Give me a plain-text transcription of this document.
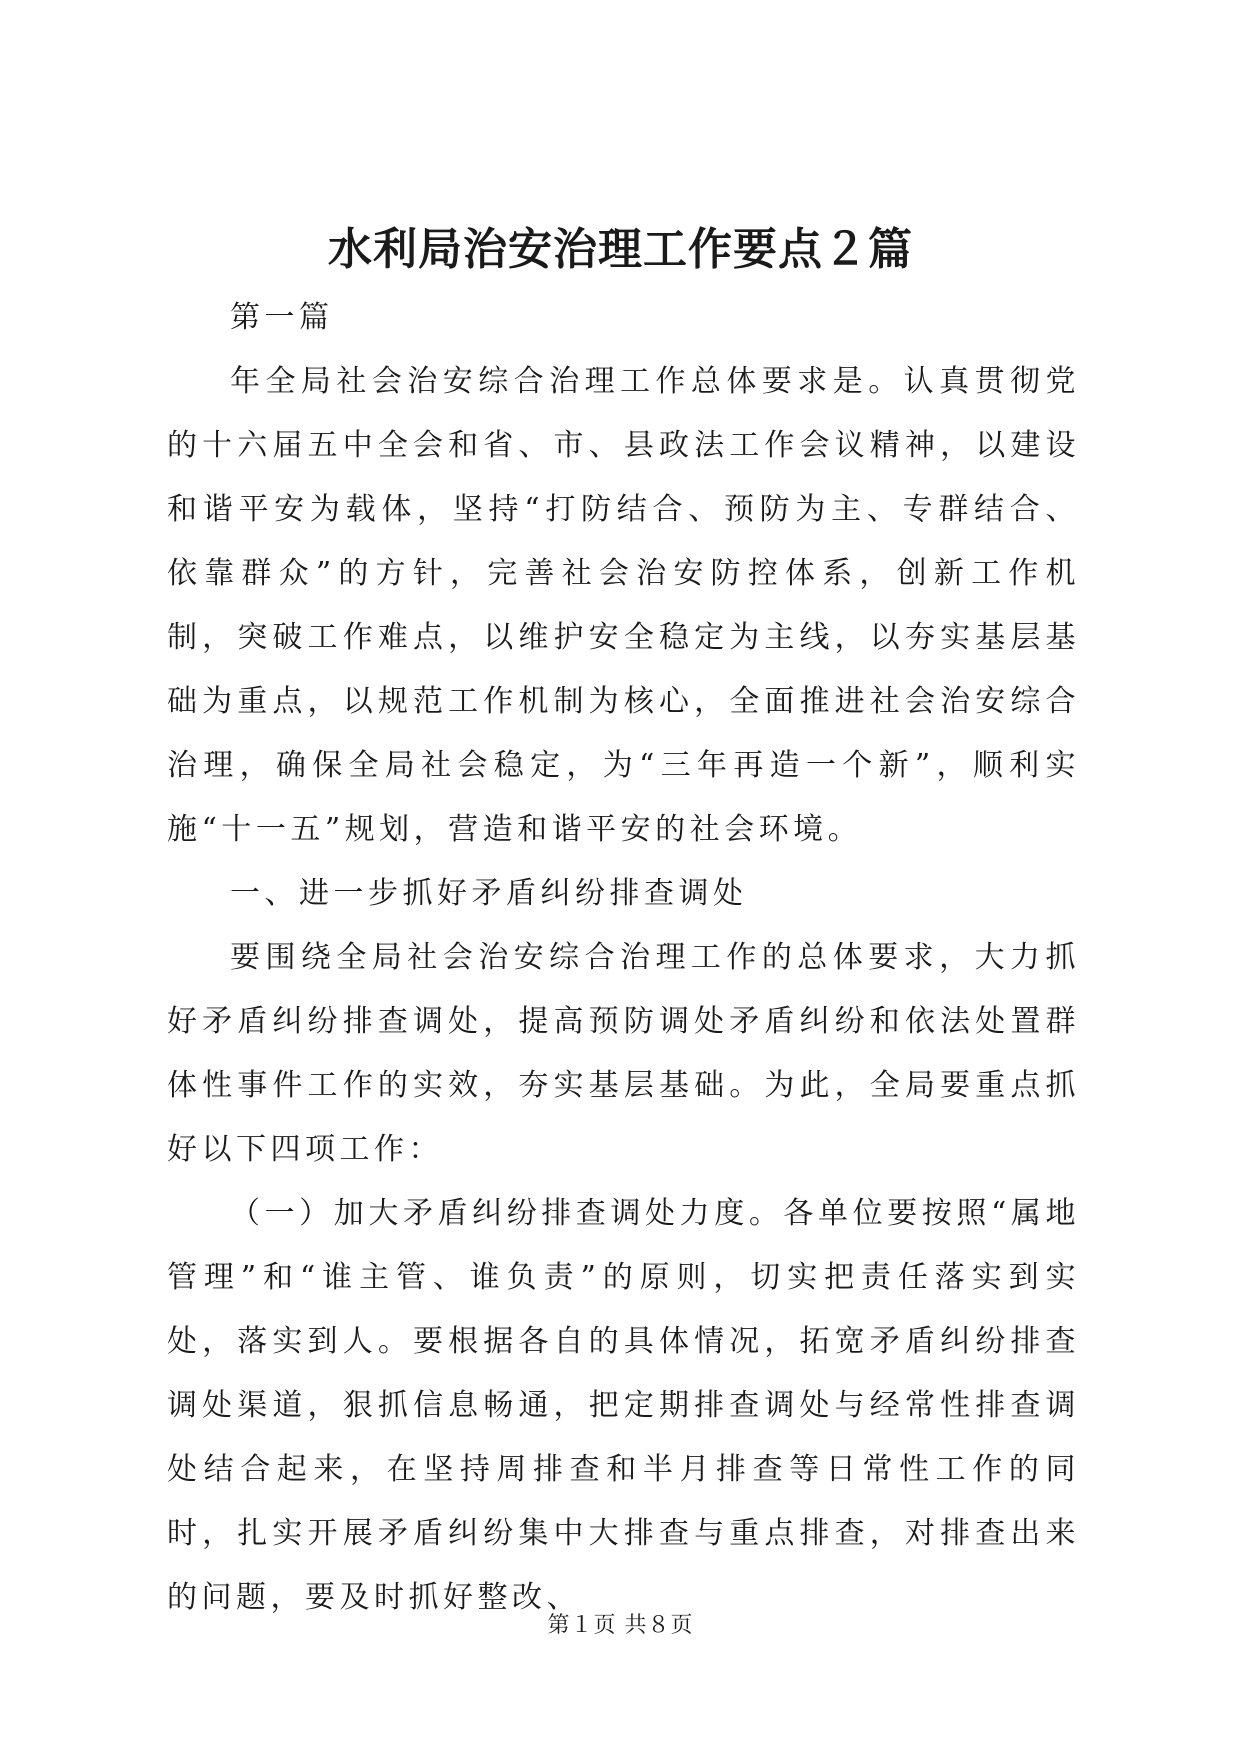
水利局治安治理工作要点２篇

第一篇

年全局社会治安综合治理工作总体要求是。认真贯彻党的十六届五中全会和省、市、县政法工作会议精神，以建设和谐平安为载体，坚持“打防结合、预防为主、专群结合、依靠群众”的方针，完善社会治安防控体系，创新工作机制，突破工作难点，以维护安全稳定为主线，以夯实基层基础为重点，以规范工作机制为核心，全面推进社会治安综合治理，确保全局社会稳定，为“三年再造一个新”，顺利实施“十一五”规划，营造和谐平安的社会环境。

一、进一步抓好矛盾纠纷排查调处

要围绕全局社会治安综合治理工作的总体要求，大力抓好矛盾纠纷排查调处，提高预防调处矛盾纠纷和依法处置群体性事件工作的实效，夯实基层基础。为此，全局要重点抓好以下四项工作：

（一）加大矛盾纠纷排查调处力度。各单位要按照“属地管理”和“谁主管、谁负责”的原则，切实把责任落实到实处，落实到人。要根据各自的具体情况，拓宽矛盾纠纷排查调处渠道，狠抓信息畅通，把定期排查调处与经常性排查调处结合起来，在坚持周排查和半月排查等日常性工作的同时，扎实开展矛盾纠纷集中大排查与重点排查，对排查出来的问题，要及时抓好整改、

第１页 共８页
